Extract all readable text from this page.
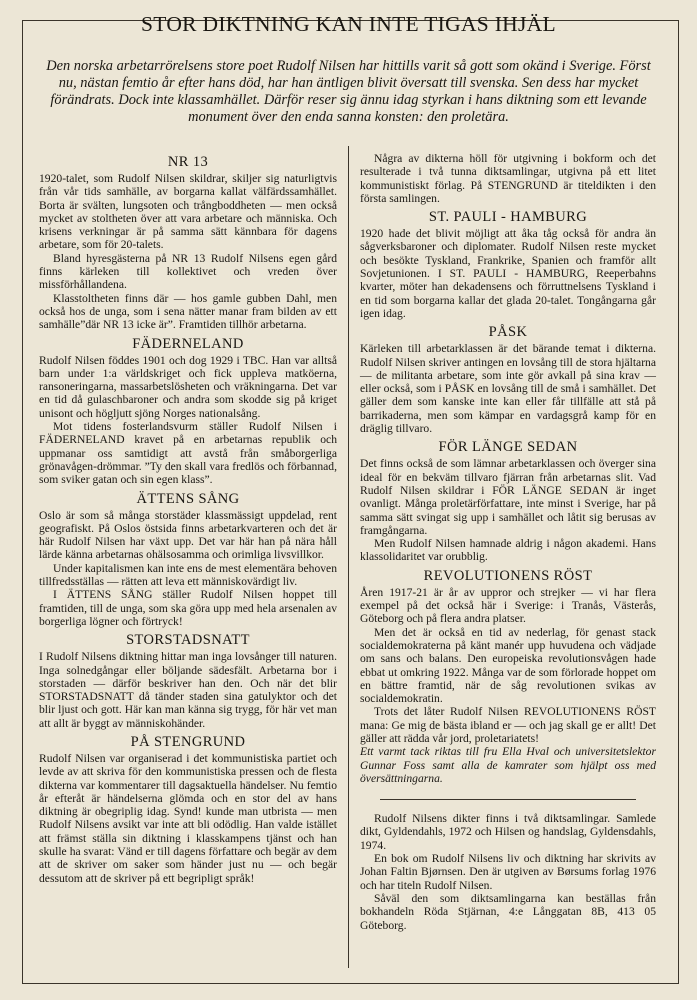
STOR DIKTNING KAN INTE TIGAS IHJÄL
Den norska arbetarrörelsens store poet Rudolf Nilsen har hittills varit så gott som okänd i Sverige. Först nu, nästan femtio år efter hans död, har han äntligen blivit översatt till svenska. Sen dess har mycket förändrats. Dock inte klassamhället. Därför reser sig ännu idag styrkan i hans diktning som ett levande monument över den enda sanna konsten: den proletära.
NR 13

1920-talet, som Rudolf Nilsen skildrar, skiljer sig naturligtvis från vår tids samhälle, av borgarna kallat välfärdssamhället. Borta är svälten, lungsoten och trångboddheten — men också mycket av stoltheten över att vara arbetare och människa. Och krisens verkningar är på samma sätt kännbara för dagens arbetare, som för 20-talets.

Bland hyresgästerna på NR 13 Rudolf Nilsens egen gård finns kärleken till kollektivet och vreden över missförhållandena.

Klasstoltheten finns där — hos gamle gubben Dahl, men också hos de unga, som i sena nätter manar fram bilden av ett samhälle”där NR 13 icke är”. Framtiden tillhör arbetarna.

FÄDERNELAND

Rudolf Nilsen föddes 1901 och dog 1929 i TBC. Han var alltså barn under 1:a världskriget och fick uppleva matköerna, ransoneringarna, massarbetslösheten och vräkningarna. Det var en tid då gulaschbaroner och andra som skodde sig på kriget unisont och högljutt sjöng Norges nationalsång.

Mot tidens fosterlandsvurm ställer Rudolf Nilsen i FÄDERNELAND kravet på en arbetarnas republik och uppmanar oss samtidigt att avstå från småborgerliga grönavågen-drömmar. ”Ty den skall vara fredlös och förbannad, som sviker gatan och sin egen klass”.

ÄTTENS SÅNG

Oslo är som så många storstäder klassmässigt uppdelad, rent geografiskt. På Oslos östsida finns arbetarkvarteren och det är här Rudolf Nilsen har växt upp. Det var här han på nära håll lärde känna arbetarnas ohälsosamma och orimliga livsvillkor.

Under kapitalismen kan inte ens de mest elementära behoven tillfredsställas — rätten att leva ett människovärdigt liv.

I ÄTTENS SÅNG ställer Rudolf Nilsen hoppet till framtiden, till de unga, som ska göra upp med hela arsenalen av borgerliga lögner och förtryck!

STORSTADSNATT

I Rudolf Nilsens diktning hittar man inga lovsånger till naturen. Inga solnedgångar eller böljande sädesfält. Arbetarna bor i storstaden — därför beskriver han den. Och när det blir STORSTADSNATT då tänder staden sina gatulyktor och det blir ljust och gott. Här kan man känna sig trygg, för här vet man att allt är byggt av människohänder.

PÅ STENGRUND

Rudolf Nilsen var organiserad i det kommunistiska partiet och levde av att skriva för den kommunistiska pressen och de flesta dikterna var kommentarer till dagsaktuella händelser. Nu femtio år efteråt är händelserna glömda och en stor del av hans diktning är obegriplig idag. Synd! kunde man utbrista — men Rudolf Nilsens avsikt var inte att bli odödlig. Han valde istället att främst ställa sin diktning i klasskampens tjänst och han skulle ha svarat: Vänd er till dagens författare och begär av dem att de skriver om saker som händer just nu — och begär dessutom att de skriver på ett begripligt språk!

Några av dikterna höll för utgivning i bokform och det resulterade i två tunna diktsamlingar, utgivna på ett litet kommunistiskt förlag. På STENGRUND är titeldikten i den första samlingen.

ST. PAULI - HAMBURG

1920 hade det blivit möjligt att åka tåg också för andra än sågverksbaroner och diplomater. Rudolf Nilsen reste mycket och besökte Tyskland, Frankrike, Spanien och framför allt Sovjetunionen. I ST. PAULI - HAMBURG, Reeperbahns kvarter, möter han dekadensens och förruttnelsens Tyskland i en tid som borgarna kallar det glada 20-talet. Tongångarna går igen idag.

PÅSK

Kärleken till arbetarklassen är det bärande temat i dikterna. Rudolf Nilsen skriver antingen en lovsång till de stora hjältarna — de militanta arbetare, som inte gör avkall på sina krav — eller också, som i PÅSK en lovsång till de små i samhället. Det gäller dem som kanske inte kan eller får tillfälle att stå på barrikaderna, men som kämpar en vardagsgrå kamp för en dräglig tillvaro.

FÖR LÄNGE SEDAN

Det finns också de som lämnar arbetarklassen och överger sina ideal för en bekväm tillvaro fjärran från arbetarnas slit. Vad Rudolf Nilsen skildrar i FÖR LÄNGE SEDAN är inget ovanligt. Många proletärförfattare, inte minst i Sverige, har på samma sätt svingat sig upp i samhället och låtit sig berusas av framgångarna.

Men Rudolf Nilsen hamnade aldrig i någon akademi. Hans klassolidaritet var orubblig.

REVOLUTIONENS RÖST

Åren 1917-21 är år av uppror och strejker — vi har flera exempel på det också här i Sverige: i Tranås, Västerås, Göteborg och på flera andra platser.

Men det är också en tid av nederlag, för genast stack socialdemokraterna på känt manér upp huvudena och vädjade om sans och balans. Den europeiska revolutionsvågen hade ebbat ut omkring 1922. Många var de som förlorade hoppet om en bättre framtid, när de såg revolutionen svikas av socialdemokratin.

Trots det låter Rudolf Nilsen REVOLUTIONENS RÖST mana: Ge mig de bästa ibland er — och jag skall ge er allt! Det gäller att rädda vår jord, proletariatets!

Ett varmt tack riktas till fru Ella Hval och universitetslektor Gunnar Foss samt alla de kamrater som hjälpt oss med översättningarna.

Rudolf Nilsens dikter finns i två diktsamlingar. Samlede dikt, Gyldendahls, 1972 och Hilsen og handslag, Gyldensdahls, 1974.

En bok om Rudolf Nilsens liv och diktning har skrivits av Johan Faltin Bjørnsen. Den är utgiven av Børsums forlag 1976 och har titeln Rudolf Nilsen.

Såväl den som diktsamlingarna kan beställas från bokhandeln Röda Stjärnan, 4:e Långgatan 8B, 413 05 Göteborg.
